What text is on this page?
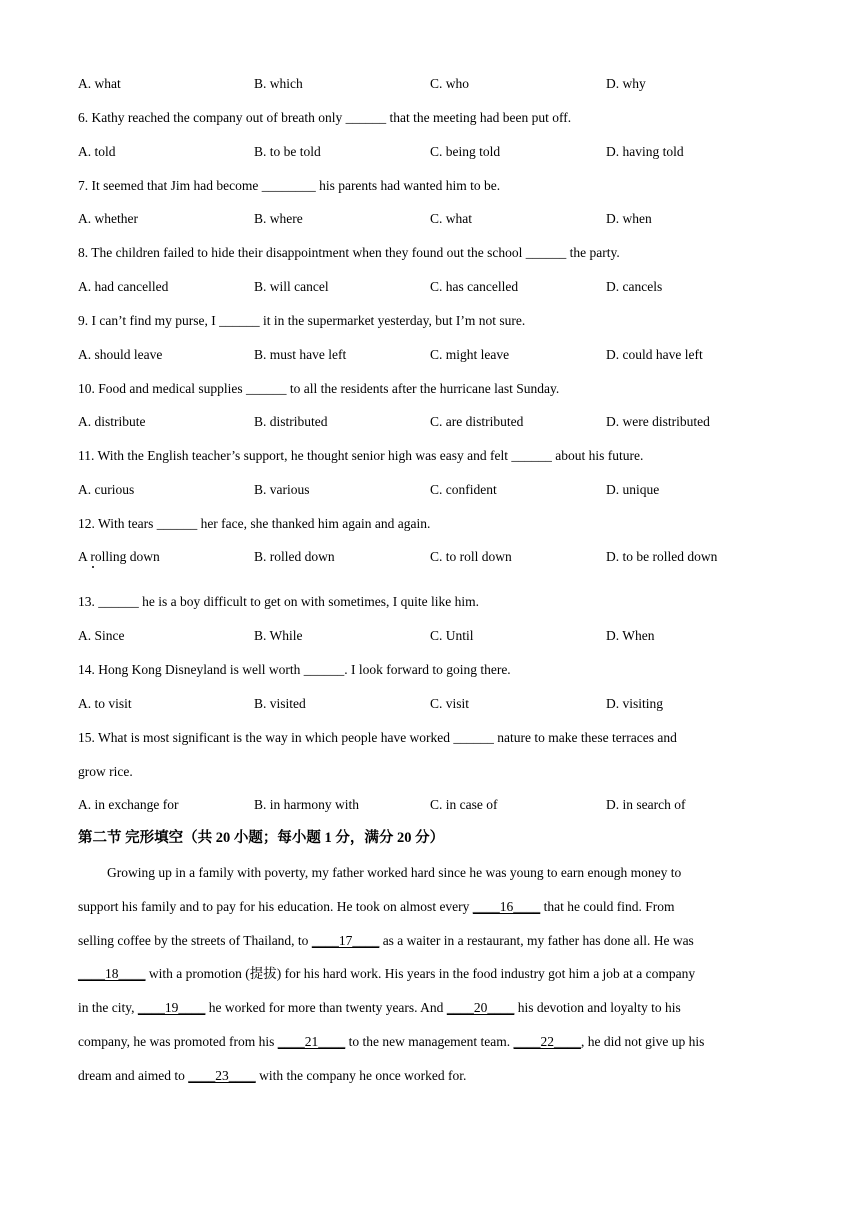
A. what	B. which	C. who	D. why
6. Kathy reached the company out of breath only ______ that the meeting had been put off.
A. told	B. to be told	C. being told	D. having told
7. It seemed that Jim had become ________ his parents had wanted him to be.
A. whether	B. where	C. what	D. when
8. The children failed to hide their disappointment when they found out the school ______ the party.
A. had cancelled	B. will cancel	C. has cancelled	D. cancels
9. I can’t find my purse, I ______ it in the supermarket yesterday, but I’m not sure.
A. should leave	B. must have left	C. might leave	D. could have left
10. Food and medical supplies ______ to all the residents after the hurricane last Sunday.
A. distribute	B. distributed	C. are distributed	D. were distributed
11. With the English teacher’s support, he thought senior high was easy and felt ______ about his future.
A. curious	B. various	C. confident	D. unique
12. With tears ______ her face, she thanked him again and again.
A rolling down	B. rolled down	C. to roll down	D. to be rolled down
13. ______ he is a boy difficult to get on with sometimes, I quite like him.
A. Since	B. While	C. Until	D. When
14. Hong Kong Disneyland is well worth ______. I look forward to going there.
A. to visit	B. visited	C. visit	D. visiting
15. What is most significant is the way in which people have worked ______ nature to make these terraces and
grow rice.
A. in exchange for	B. in harmony with	C. in case of	D. in search of
第二节 完形填空（共 20 小题；每小题 1 分，满分 20 分）
Growing up in a family with poverty, my father worked hard since he was young to earn enough money to
support his family and to pay for his education. He took on almost every ____16____ that he could find. From
selling coffee by the streets of Thailand, to ____17____ as a waiter in a restaurant, my father has done all. He was
____18____ with a promotion (提拔) for his hard work. His years in the food industry got him a job at a company
in the city, ____19____ he worked for more than twenty years. And ____20____ his devotion and loyalty to his
company, he was promoted from his ____21____ to the new management team. ____22____, he did not give up his
dream and aimed to ____23____ with the company he once worked for.
